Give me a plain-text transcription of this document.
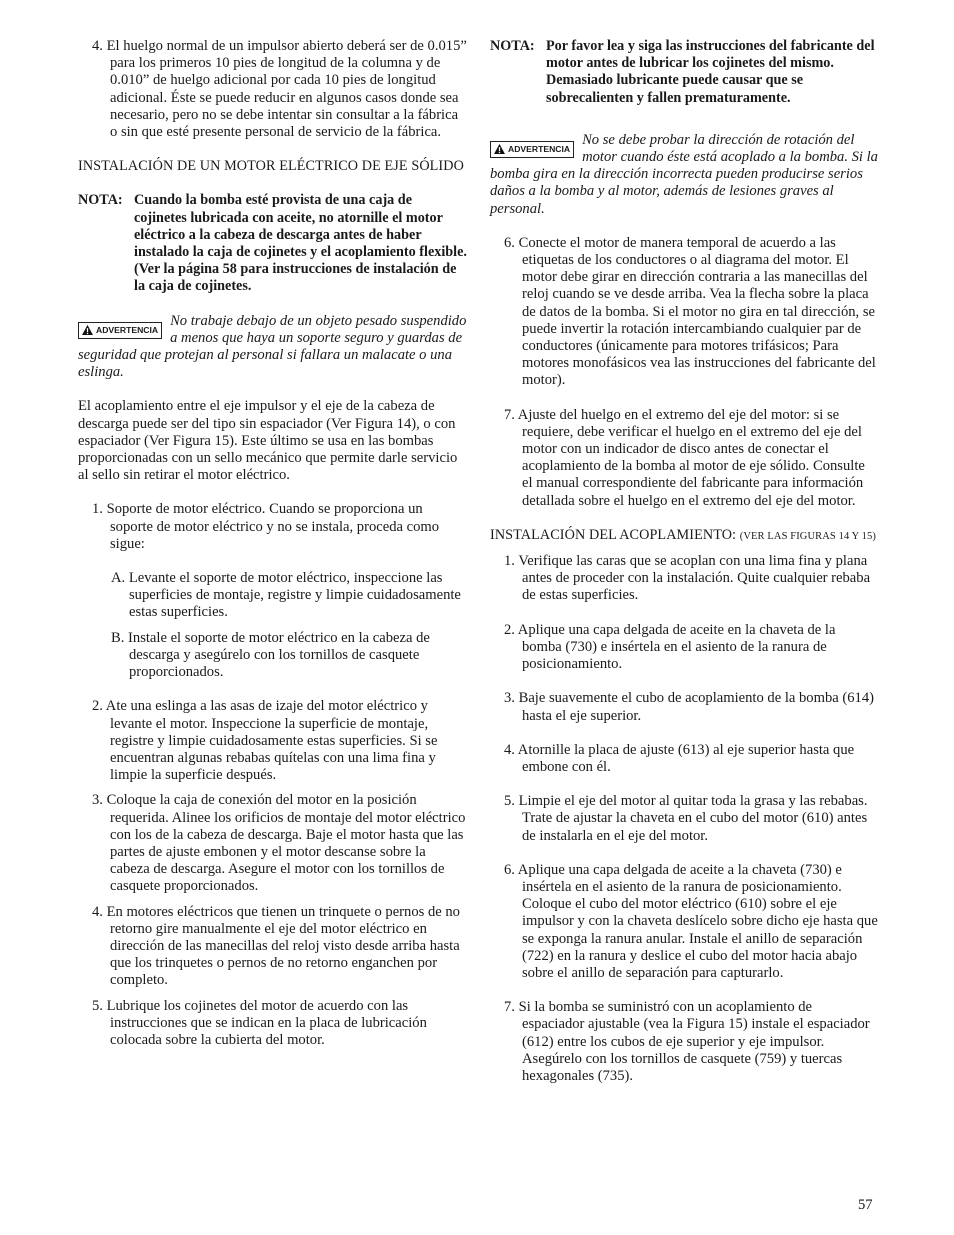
4. El huelgo normal de un impulsor abierto deberá ser de 0.015” para los primeros 10 pies de longitud de la columna y de 0.010” de huelgo adicional por cada 10 pies de longitud adicional. Éste se puede reducir en algunos casos donde sea necesario, pero no se debe intentar sin consultar a la fábrica o sin que esté presente personal de servicio de la fábrica.

INSTALACIÓN DE UN MOTOR ELÉCTRICO DE EJE SÓLIDO

NOTA: Cuando la bomba esté provista de una caja de cojinetes lubricada con aceite, no atornille el motor eléctrico a la cabeza de descarga antes de haber instalado la caja de cojinetes y el acoplamiento flexible. (Ver la página 58 para instrucciones de instalación de la caja de cojinetes.

ADVERTENCIA
No trabaje debajo de un objeto pesado suspendido a menos que haya un soporte seguro y guardas de seguridad que protejan al personal si fallara un malacate o una eslinga.

El acoplamiento entre el eje impulsor y el eje de la cabeza de descarga puede ser del tipo sin espaciador (Ver Figura 14), o con espaciador (Ver Figura 15). Este último se usa en las bombas proporcionadas con un sello mecánico que permite darle servicio al sello sin retirar el motor eléctrico.

1. Soporte de motor eléctrico. Cuando se proporciona un soporte de motor eléctrico y no se instala, proceda como sigue:

A. Levante el soporte de motor eléctrico, inspeccione las superficies de montaje, registre y limpie cuidadosamente estas superficies.

B. Instale el soporte de motor eléctrico en la cabeza de descarga y asegúrelo con los tornillos de casquete proporcionados.

2. Ate una eslinga a las asas de izaje del motor eléctrico y levante el motor. Inspeccione la superficie de montaje, registre y limpie cuidadosamente estas superficies. Si se encuentran algunas rebabas quítelas con una lima fina y limpie la superficie después.

3. Coloque la caja de conexión del motor en la posición requerida. Alinee los orificios de montaje del motor eléctrico con los de la cabeza de descarga. Baje el motor hasta que las partes de ajuste embonen y el motor descanse sobre la cabeza de descarga. Asegure el motor con los tornillos de casquete proporcionados.

4. En motores eléctricos que tienen un trinquete o pernos de no retorno gire manualmente el eje del motor eléctrico en dirección de las manecillas del reloj visto desde arriba hasta que los trinquetes o pernos de no retorno enganchen por completo.

5. Lubrique los cojinetes del motor de acuerdo con las instrucciones que se indican en la placa de lubricación colocada sobre la cubierta del motor.

NOTA: Por favor lea y siga las instrucciones del fabricante del motor antes de lubricar los cojinetes del mismo. Demasiado lubricante puede causar que se sobrecalienten y fallen prematuramente.

ADVERTENCIA
No se debe probar la dirección de rotación del motor cuando éste está acoplado a la bomba. Si la bomba gira en la dirección incorrecta pueden producirse serios daños a la bomba y al motor, además de lesiones graves al personal.

6. Conecte el motor de manera temporal de acuerdo a las etiquetas de los conductores o al diagrama del motor. El motor debe girar en dirección contraria a las manecillas del reloj cuando se ve desde arriba. Vea la flecha sobre la placa de datos de la bomba. Si el motor no gira en tal dirección, se puede invertir la rotación intercambiando cualquier par de conductores (únicamente para motores trifásicos; Para motores monofásicos vea las instrucciones del fabricante del motor).

7. Ajuste del huelgo en el extremo del eje del motor: si se requiere, debe verificar el huelgo en el extremo del eje del motor con un indicador de disco antes de conectar el acoplamiento de la bomba al motor de eje sólido. Consulte el manual correspondiente del fabricante para información detallada sobre el huelgo en el extremo del eje del motor.

INSTALACIÓN DEL ACOPLAMIENTO: (VER LAS FIGURAS 14 Y 15)

1. Verifique las caras que se acoplan con una lima fina y plana antes de proceder con la instalación. Quite cualquier rebaba de estas superficies.

2. Aplique una capa delgada de aceite en la chaveta de la bomba (730) e insértela en el asiento de la ranura de posicionamiento.

3. Baje suavemente el cubo de acoplamiento de la bomba (614) hasta el eje superior.

4. Atornille la placa de ajuste (613) al eje superior hasta que embone con él.

5. Limpie el eje del motor al quitar toda la grasa y las rebabas. Trate de ajustar la chaveta en el cubo del motor (610) antes de instalarla en el eje del motor.

6. Aplique una capa delgada de aceite a la chaveta (730) e insértela en el asiento de la ranura de posicionamiento. Coloque el cubo del motor eléctrico (610) sobre el eje impulsor y con la chaveta deslícelo sobre dicho eje hasta que se exponga la ranura anular. Instale el anillo de separación (722) en la ranura y deslice el cubo del motor hacia abajo sobre el anillo de separación para capturarlo.

7. Si la bomba se suministró con un acoplamiento de espaciador ajustable (vea la Figura 15) instale el espaciador (612) entre los cubos de eje superior y eje impulsor. Asegúrelo con los tornillos de casquete (759) y tuercas hexagonales (735).

57
